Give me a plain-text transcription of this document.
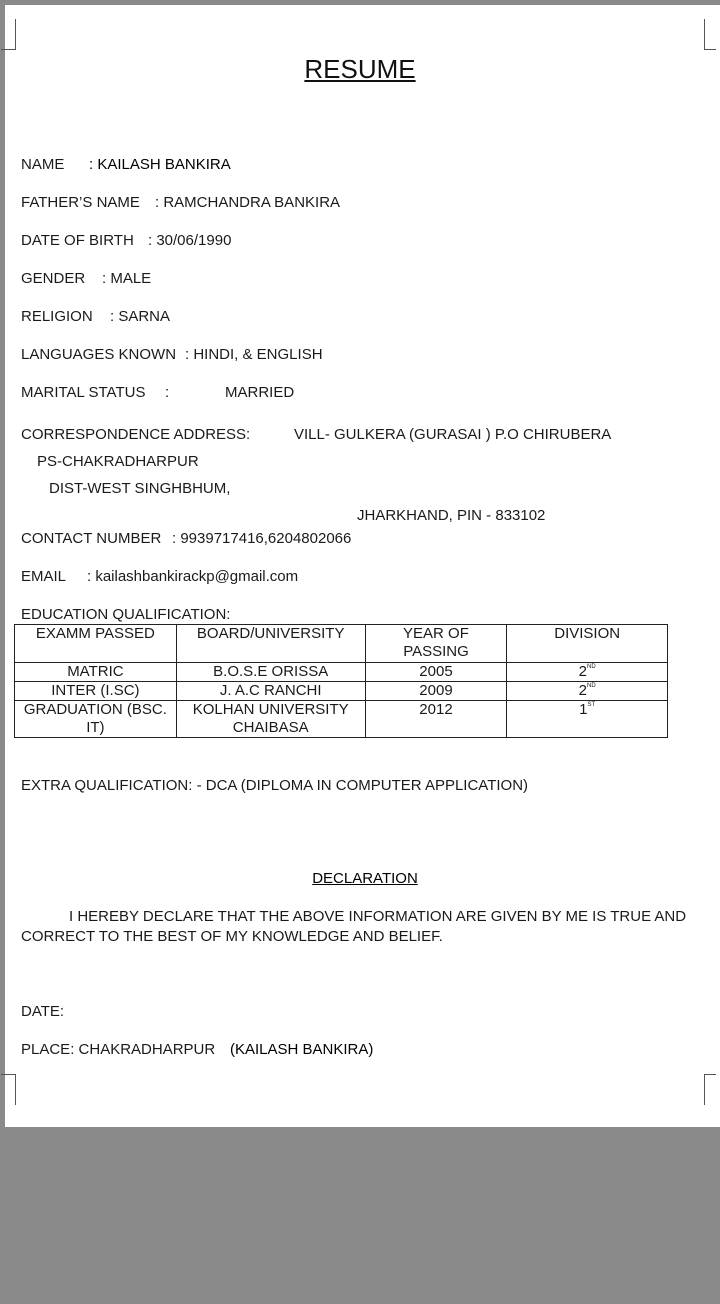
RESUME
NAME : KAILASH BANKIRA
FATHER’S NAME : RAMCHANDRA BANKIRA
DATE OF BIRTH : 30/06/1990
GENDER : MALE
RELIGION : SARNA
LANGUAGES KNOWN : HINDI, & ENGLISH
MARITAL STATUS :	MARRIED
CORRESPONDENCE ADDRESS :	VILL- GULKERA (GURASAI ) P.O CHIRUBERA
PS-CHAKRADHARPUR
DIST-WEST SINGHBHUM,
JHARKHAND, PIN - 833102
CONTACT NUMBER : 9939717416,6204802066
EMAIL : kailashbankirackp@gmail.com
EDUCATION QUALIFICATION:
EXAMM PASSED	BOARD/UNIVERSITY	YEAR OF PASSING	DIVISION
MATRIC	B.O.S.E ORISSA	2005	2ND
INTER (I.SC)	J. A.C RANCHI	2009	2ND
GRADUATION (BSC. IT)	KOLHAN UNIVERSITY CHAIBASA	2012	1ST
EXTRA QUALIFICATION: - DCA (DIPLOMA IN COMPUTER APPLICATION)
DECLARATION
I HEREBY DECLARE THAT THE ABOVE INFORMATION ARE GIVEN BY ME IS TRUE AND
CORRECT TO THE BEST OF MY KNOWLEDGE AND BELIEF.
DATE:
PLACE: CHAKRADHARPUR (KAILASH BANKIRA)
